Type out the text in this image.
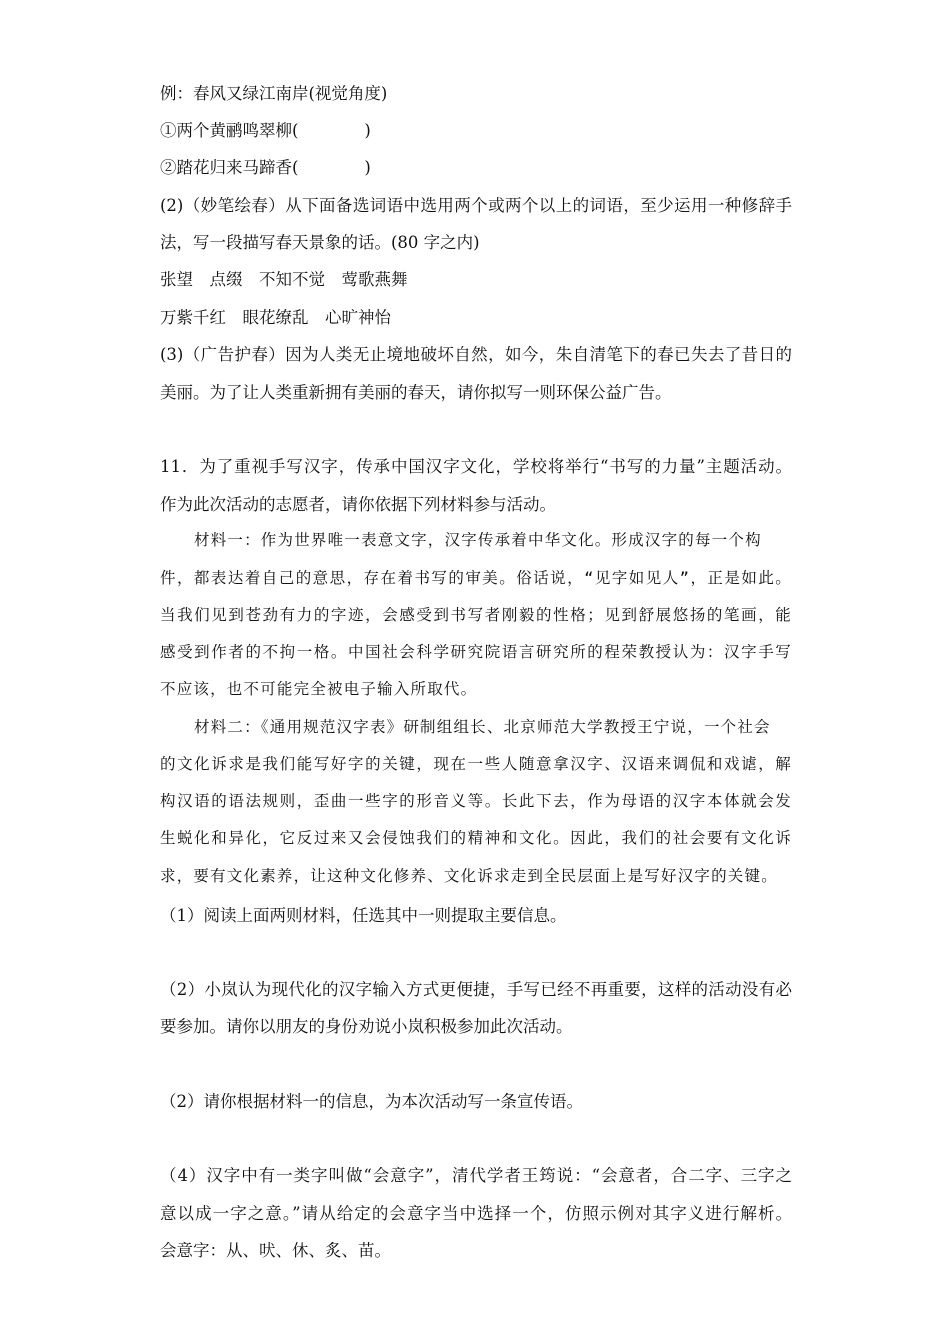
例：春风又绿江南岸(视觉角度)
①两个黄鹂鸣翠柳(　　　　)
②踏花归来马蹄香(　　　　)
(2)（妙笔绘春）从下面备选词语中选用两个或两个以上的词语，至少运用一种修辞手
法，写一段描写春天景象的话。(80 字之内)
张望　点缀　不知不觉　莺歌燕舞
万紫千红　眼花缭乱　心旷神怡
(3)（广告护春）因为人类无止境地破坏自然，如今，朱自清笔下的春已失去了昔日的
美丽。为了让人类重新拥有美丽的春天，请你拟写一则环保公益广告。
11．为了重视手写汉字，传承中国汉字文化，学校将举行“书写的力量”主题活动。
作为此次活动的志愿者，请你依据下列材料参与活动。
材料一：作为世界唯一表意文字，汉字传承着中华文化。形成汉字的每一个构
件，都表达着自己的意思，存在着书写的审美。俗话说，“见字如见人”，正是如此。
当我们见到苍劲有力的字迹，会感受到书写者刚毅的性格；见到舒展悠扬的笔画，能
感受到作者的不拘一格。中国社会科学研究院语言研究所的程荣教授认为：汉字手写
不应该，也不可能完全被电子输入所取代。
材料二：《通用规范汉字表》研制组组长、北京师范大学教授王宁说，一个社会
的文化诉求是我们能写好字的关键，现在一些人随意拿汉字、汉语来调侃和戏谑，解
构汉语的语法规则，歪曲一些字的形音义等。长此下去，作为母语的汉字本体就会发
生蜕化和异化，它反过来又会侵蚀我们的精神和文化。因此，我们的社会要有文化诉
求，要有文化素养，让这种文化修养、文化诉求走到全民层面上是写好汉字的关键。
（1）阅读上面两则材料，任选其中一则提取主要信息。
（2）小岚认为现代化的汉字输入方式更便捷，手写已经不再重要，这样的活动没有必
要参加。请你以朋友的身份劝说小岚积极参加此次活动。
（2）请你根据材料一的信息，为本次活动写一条宣传语。
（4）汉字中有一类字叫做“会意字”，清代学者王筠说：“会意者，合二字、三字之
意以成一字之意。”请从给定的会意字当中选择一个，仿照示例对其字义进行解析。
会意字：从、吠、休、炙、苗。
